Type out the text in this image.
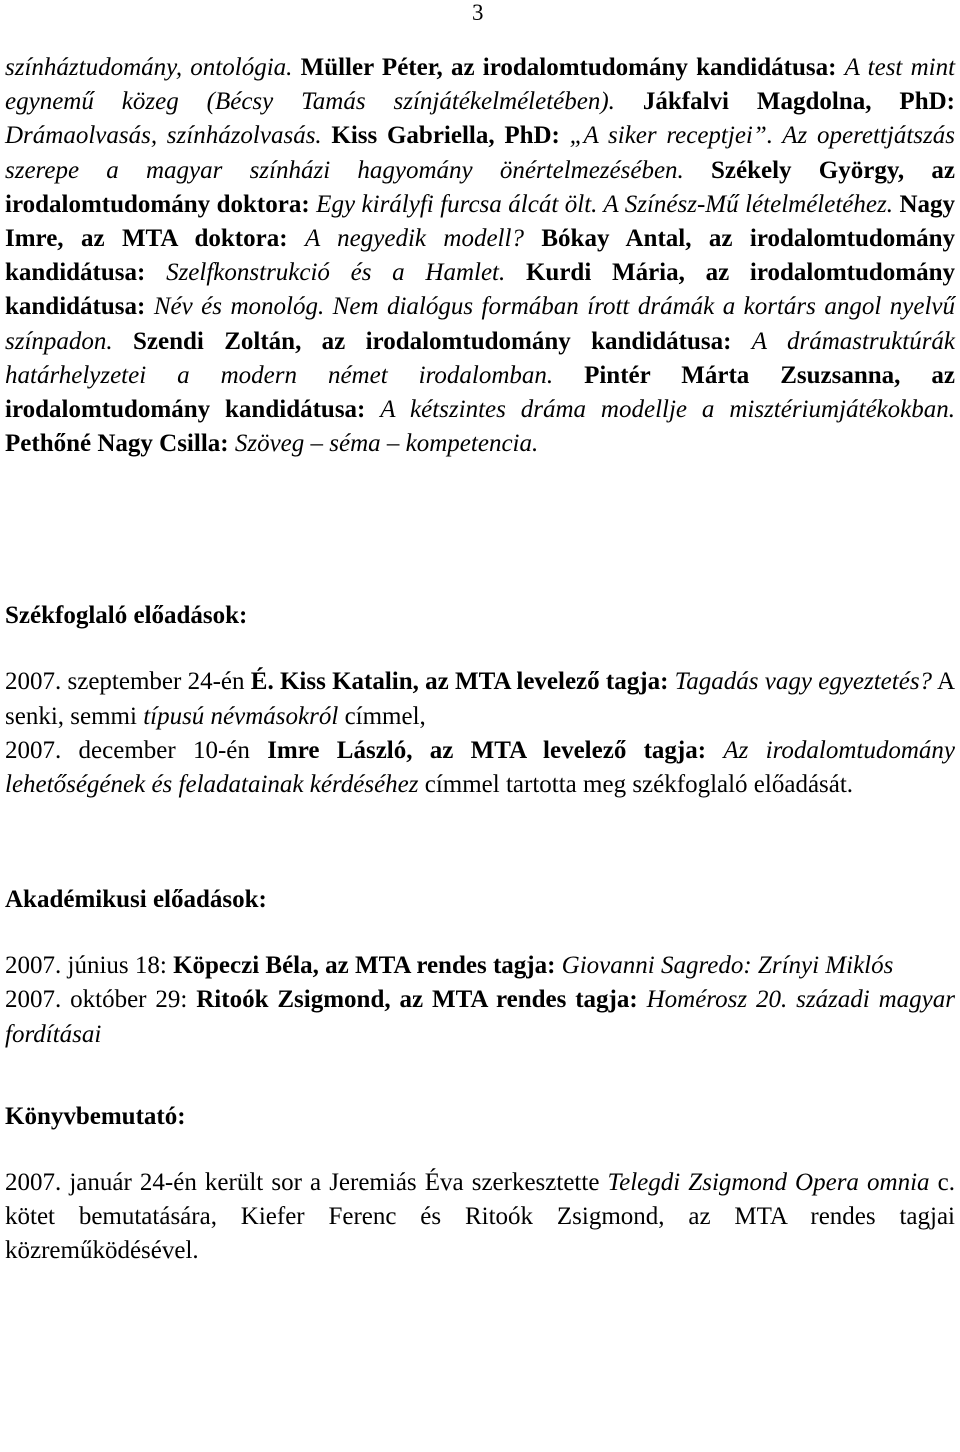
3

színháztudomány, ontológia. Müller Péter, az irodalomtudomány kandidátusa: A test mint egynemű közeg (Bécsy Tamás színjátékelméletében). Jákfalvi Magdolna, PhD: Drámaolvasás, színházolvasás. Kiss Gabriella, PhD: „A siker receptjei”. Az operettjátszás szerepe a magyar színházi hagyomány önértelmezésében. Székely György, az irodalomtudomány doktora: Egy királyfi furcsa álcát ölt. A Színész-Mű lételméletéhez. Nagy Imre, az MTA doktora: A negyedik modell? Bókay Antal, az irodalomtudomány kandidátusa: Szelfkonstrukció és a Hamlet. Kurdi Mária, az irodalomtudomány kandidátusa: Név és monológ. Nem dialógus formában írott drámák a kortárs angol nyelvű színpadon. Szendi Zoltán, az irodalomtudomány kandidátusa: A drámastruktúrák határhelyzetei a modern német irodalomban. Pintér Márta Zsuzsanna, az irodalomtudomány kandidátusa: A kétszintes dráma modellje a misztériumjátékokban. Pethőné Nagy Csilla: Szöveg – séma – kompetencia.

Székfoglaló előadások:

2007. szeptember 24-én É. Kiss Katalin, az MTA levelező tagja: Tagadás vagy egyeztetés? A senki, semmi típusú névmásokról címmel,

2007. december 10-én Imre László, az MTA levelező tagja: Az irodalomtudomány lehetőségének és feladatainak kérdéséhez címmel tartotta meg székfoglaló előadását.

Akadémikusi előadások:

2007. június 18: Köpeczi Béla, az MTA rendes tagja: Giovanni Sagredo: Zrínyi Miklós

2007. október 29: Ritoók Zsigmond, az MTA rendes tagja: Homérosz 20. századi magyar fordításai

Könyvbemutató:

2007. január 24-én került sor a Jeremiás Éva szerkesztette Telegdi Zsigmond Opera omnia c. kötet bemutatására, Kiefer Ferenc és Ritoók Zsigmond, az MTA rendes tagjai közreműködésével.
